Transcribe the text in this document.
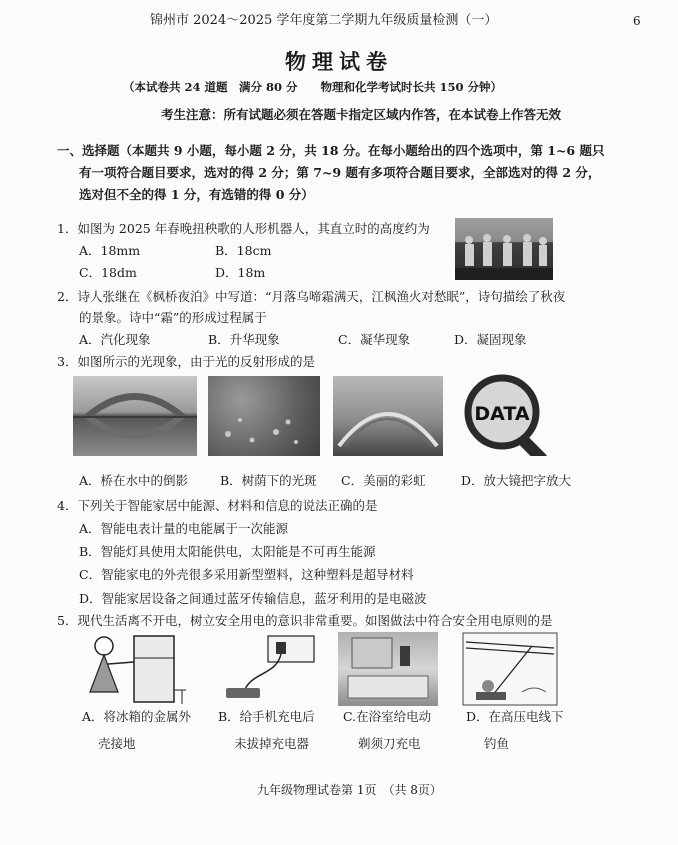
锦州市 2024～2025 学年度第二学期九年级质量检测（一）	6
物理试卷
（本试卷共 24 道题　满分 80 分　　物理和化学考试时长共 150 分钟）
考生注意：所有试题必须在答题卡指定区域内作答，在本试卷上作答无效
一、选择题（本题共 9 小题，每小题 2 分，共 18 分。在每小题给出的四个选项中，第 1~6 题只
有一项符合题目要求，选对的得 2 分；第 7~9 题有多项符合题目要求，全部选对的得 2 分，
选对但不全的得 1 分，有选错的得 0 分）
1．如图为 2025 年春晚扭秧歌的人形机器人，其直立时的高度约为
A．18mm	B．18cm
C．18dm	D．18m
2．诗人张继在《枫桥夜泊》中写道：“月落乌啼霜满天，江枫渔火对愁眠”，诗句描绘了秋夜
的景象。诗中“霜”的形成过程属于
A．汽化现象	B．升华现象	C．凝华现象	D．凝固现象
3．如图所示的光现象，由于光的反射形成的是
DATA
A．桥在水中的倒影	B．树荫下的光斑 C．美丽的彩虹	D．放大镜把字放大
4．下列关于智能家居中能源、材料和信息的说法正确的是
A．智能电表计量的电能属于一次能源
B．智能灯具使用太阳能供电，太阳能是不可再生能源
C．智能家电的外壳很多采用新型塑料，这种塑料是超导材料
D．智能家居设备之间通过蓝牙传输信息，蓝牙利用的是电磁波
5．现代生活离不开电，树立安全用电的意识非常重要。如图做法中符合安全用电原则的是
A．将冰箱的金属外
壳接地
B．给手机充电后
未拔掉充电器
C.在浴室给电动
剃须刀充电
D．在高压电线下
钓鱼
九年级物理试卷第 1页　（共 8页）
